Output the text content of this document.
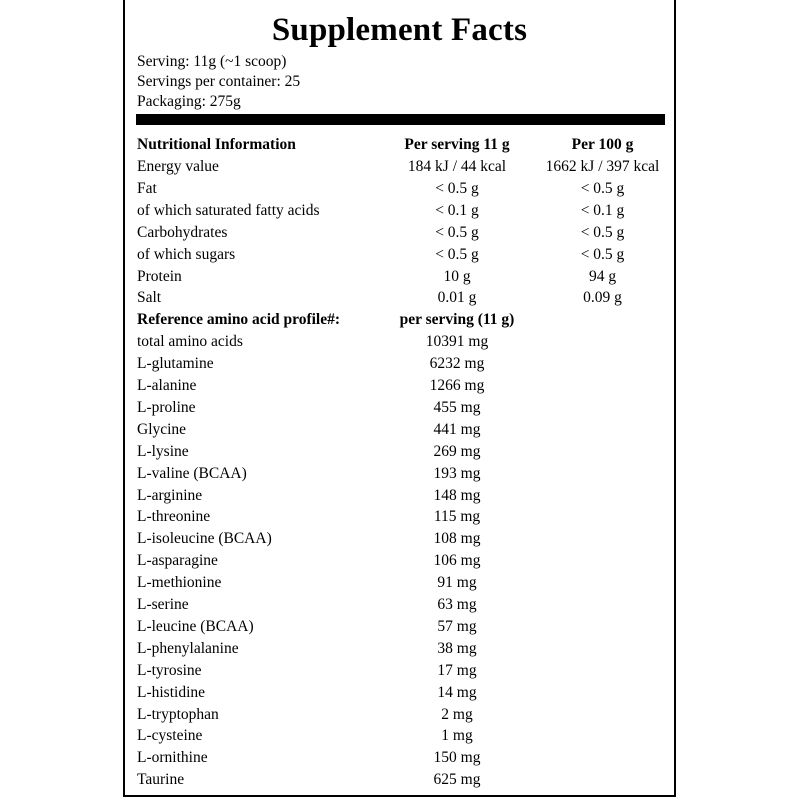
Supplement Facts
Serving: 11g (~1 scoop)
Servings per container: 25
Packaging: 275g
Nutritional Information	Per serving 11 g	Per 100 g
Energy value	184 kJ / 44 kcal	1662 kJ / 397 kcal
Fat	< 0.5 g	< 0.5 g
of which saturated fatty acids	< 0.1 g	< 0.1 g
Carbohydrates	< 0.5 g	< 0.5 g
of which sugars	< 0.5 g	< 0.5 g
Protein	10 g	94 g
Salt	0.01 g	0.09 g
Reference amino acid profile#:	per serving (11 g)
total amino acids	10391 mg
L-glutamine	6232 mg
L-alanine	1266 mg
L-proline	455 mg
Glycine	441 mg
L-lysine	269 mg
L-valine (BCAA)	193 mg
L-arginine	148 mg
L-threonine	115 mg
L-isoleucine (BCAA)	108 mg
L-asparagine	106 mg
L-methionine	91 mg
L-serine	63 mg
L-leucine (BCAA)	57 mg
L-phenylalanine	38 mg
L-tyrosine	17 mg
L-histidine	14 mg
L-tryptophan	2 mg
L-cysteine	1 mg
L-ornithine	150 mg
Taurine	625 mg
